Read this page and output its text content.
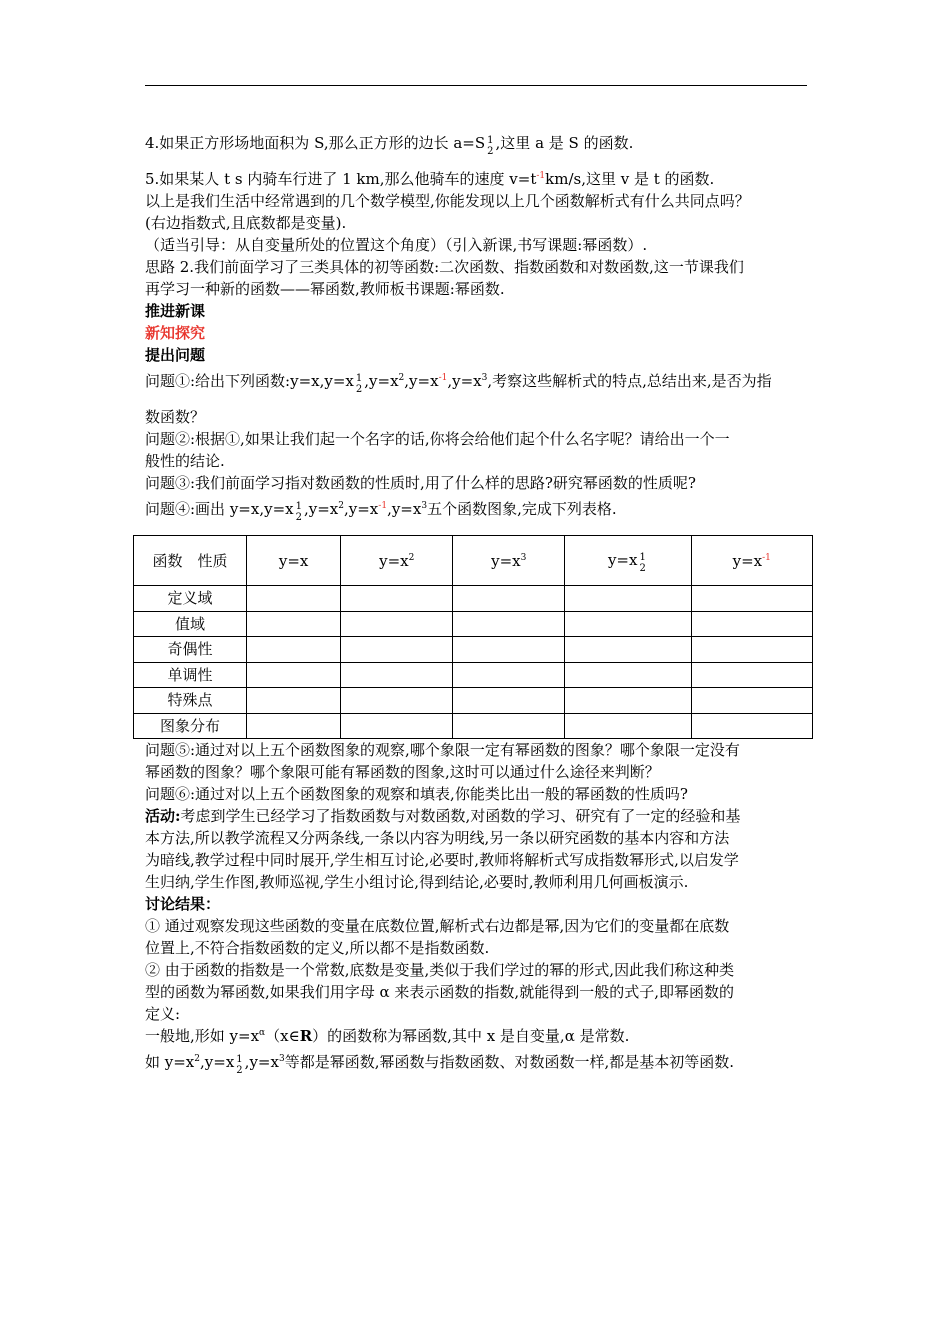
4.如果正方形场地面积为 S,那么正方形的边长 a=S 1
2 ,这里 a 是 S 的函数.
5.如果某人 t s 内骑车行进了 1 km,那么他骑车的速度 $v=t^{-1}km/s$,这里 v 是 t 的函数.
以上是我们生活中经常遇到的几个数学模型,你能发现以上几个函数解析式有什么共同点吗？
(右边指数式,且底数都是变量).
（适当引导：从自变量所处的位置这个角度）（引入新课,书写课题:幂函数）.
思路 2.我们前面学习了三类具体的初等函数:二次函数、指数函数和对数函数,这一节课我们
再学习一种新的函数——幂函数,教师板书课题:幂函数.
推进新课
新知探究
提出问题
问题①:给出下列函数:y=x,y=x 1
2 $,y=x^2,y=x^{-1},y=x^3$,考察这些解析式的特点,总结出来,是否为指
数函数？
问题②:根据①,如果让我们起一个名字的话,你将会给他们起个什么名字呢？请给出一个一
般性的结论.
问题③:我们前面学习指对数函数的性质时,用了什么样的思路?研究幂函数的性质呢?
问题④:画出 y=x,y=x 1
2 $,y=x^2,y=x^{-1},y=x^3$五个函数图象,完成下列表格.
函数　性质	y=x	$y=x^2$	$y=x^3$	y=x 1
2	$y=x^{-1}$
定义域					
值域					
奇偶性					
单调性					
特殊点					
图象分布					
问题⑤:通过对以上五个函数图象的观察,哪个象限一定有幂函数的图象？哪个象限一定没有
幂函数的图象？哪个象限可能有幂函数的图象,这时可以通过什么途径来判断？
问题⑥:通过对以上五个函数图象的观察和填表,你能类比出一般的幂函数的性质吗?
活动:考虑到学生已经学习了指数函数与对数函数,对函数的学习、研究有了一定的经验和基
本方法,所以教学流程又分两条线,一条以内容为明线,另一条以研究函数的基本内容和方法
为暗线,教学过程中同时展开,学生相互讨论,必要时,教师将解析式写成指数幂形式,以启发学
生归纳,学生作图,教师巡视,学生小组讨论,得到结论,必要时,教师利用几何画板演示.
讨论结果：
① 通过观察发现这些函数的变量在底数位置,解析式右边都是幂,因为它们的变量都在底数
位置上,不符合指数函数的定义,所以都不是指数函数.
② 由于函数的指数是一个常数,底数是变量,类似于我们学过的幂的形式,因此我们称这种类
型的函数为幂函数,如果我们用字母 α 来表示函数的指数,就能得到一般的式子,即幂函数的
定义:
一般地,形如 $y=x^\alpha(x\in R)$的函数称为幂函数,其中 x 是自变量,α 是常数.
如 $y=x^2,y=x$ 1
2 $,y=x^3$等都是幂函数,幂函数与指数函数、对数函数一样,都是基本初等函数.
